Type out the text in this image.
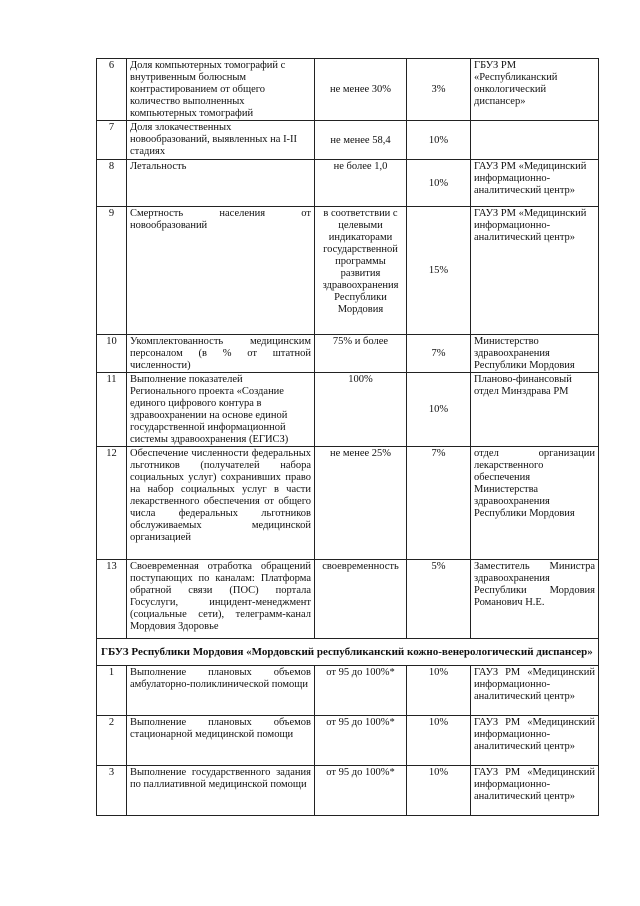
6	Доля компьютерных томографий с внутривенным болюсным контрастированием от общего количество выполненных компьютерных томографий	не менее 30%	3%	ГБУЗ РМ «Республиканский онкологический диспансер»
7	Доля злокачественных новообразований, выявленных на I-II стадиях	не менее 58,4	10%	
8	Летальность	не более 1,0	10%	ГАУЗ РМ «Медицинский информационно-аналитический центр»
9	Смертность населения от новообразований	в соответствии с целевыми индикаторами государственной программы развития здравоохранения Республики Мордовия	15%	ГАУЗ РМ «Медицинский информационно-аналитический центр»
10	Укомплектованность медицинским персоналом (в % от штатной численности)	75% и более	7%	Министерство здравоохранения Республики Мордовия
11	Выполнение показателей Регионального проекта «Создание единого цифрового контура в здравоохранении на основе единой государственной информационной системы здравоохранения (ЕГИСЗ)	100%	10%	Планово-финансовый отдел Минздрава РМ
12	Обеспечение численности федеральных льготников (получателей набора социальных услуг) сохранивших право на набор социальных услуг в части лекарственного обеспечения от общего числа федеральных льготников обслуживаемых медицинской организацией	не менее 25%	7%	отдел организации лекарственного обеспечения Министерства здравоохранения Республики Мордовия
13	Своевременная отработка обращений поступающих по каналам: Платформа обратной связи (ПОС) портала Госуслуги, инцидент-менеджмент (социальные сети), телеграмм-канал Мордовия Здоровье	своевременность	5%	Заместитель Министра здравоохранения Республики Мордовия Романович Н.Е.
ГБУЗ Республики Мордовия «Мордовский республиканский кожно-венерологический диспансер»				
1	Выполнение плановых объемов амбулаторно-поликлинической помощи	от 95 до 100%*	10%	ГАУЗ РМ «Медицинский информационно-аналитический центр»
2	Выполнение плановых объемов стационарной медицинской помощи	от 95 до 100%*	10%	ГАУЗ РМ «Медицинский информационно-аналитический центр»
3	Выполнение государственного задания по паллиативной медицинской помощи	от 95 до 100%*	10%	ГАУЗ РМ «Медицинский информационно-аналитический центр»
